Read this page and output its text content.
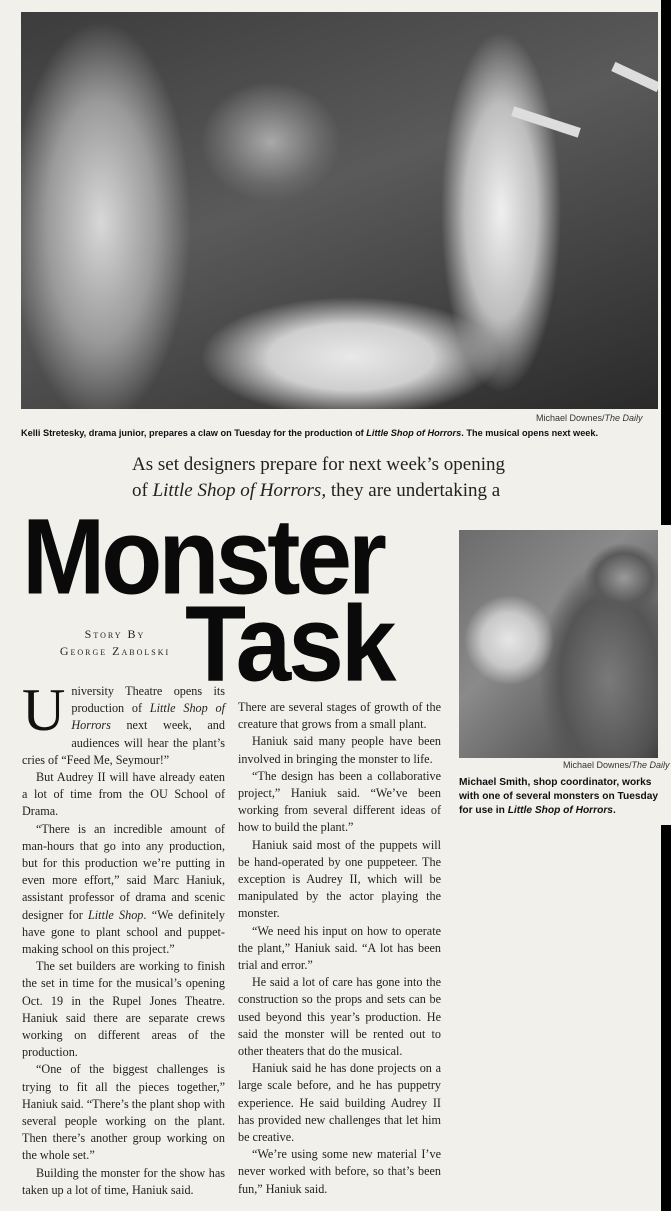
Michael Downes/The Daily
Kelli Stretesky, drama junior, prepares a claw on Tuesday for the production of Little Shop of Horrors. The musical opens next week.
As set designers prepare for next week’s opening
of Little Shop of Horrors, they are undertaking a
Monster
Task
Story By
George Zabolski

University Theatre opens its production of Little Shop of Horrors next week, and audiences will hear the plant’s cries of “Feed Me, Seymour!”

But Audrey II will have already eaten a lot of time from the OU School of Drama.

“There is an incredible amount of man-hours that go into any production, but for this production we’re putting in even more effort,” said Marc Haniuk, assistant professor of drama and scenic designer for Little Shop. “We definitely have gone to plant school and puppet-making school on this project.”

The set builders are working to finish the set in time for the musical’s opening Oct. 19 in the Rupel Jones Theatre. Haniuk said there are separate crews working on different areas of the production.

“One of the biggest challenges is trying to fit all the pieces together,” Haniuk said. “There’s the plant shop with several people working on the plant. Then there’s another group working on the whole set.”

Building the monster for the show has taken up a lot of time, Haniuk said.

There are several stages of growth of the creature that grows from a small plant.

Haniuk said many people have been involved in bringing the monster to life.

“The design has been a collaborative project,” Haniuk said. “We’ve been working from several different ideas of how to build the plant.”

Haniuk said most of the puppets will be hand-operated by one puppeteer. The exception is Audrey II, which will be manipulated by the actor playing the monster.

“We need his input on how to operate the plant,” Haniuk said. “A lot has been trial and error.”

He said a lot of care has gone into the construction so the props and sets can be used beyond this year’s production. He said the monster will be rented out to other theaters that do the musical.

Haniuk said he has done projects on a large scale before, and he has puppetry experience. He said building Audrey II has provided new challenges that let him be creative.

“We’re using some new material I’ve never worked with before, so that’s been fun,” Haniuk said.

Michael Downes/The Daily
Michael Smith, shop coordinator, works with one of several monsters on Tuesday for use in Little Shop of Horrors.
